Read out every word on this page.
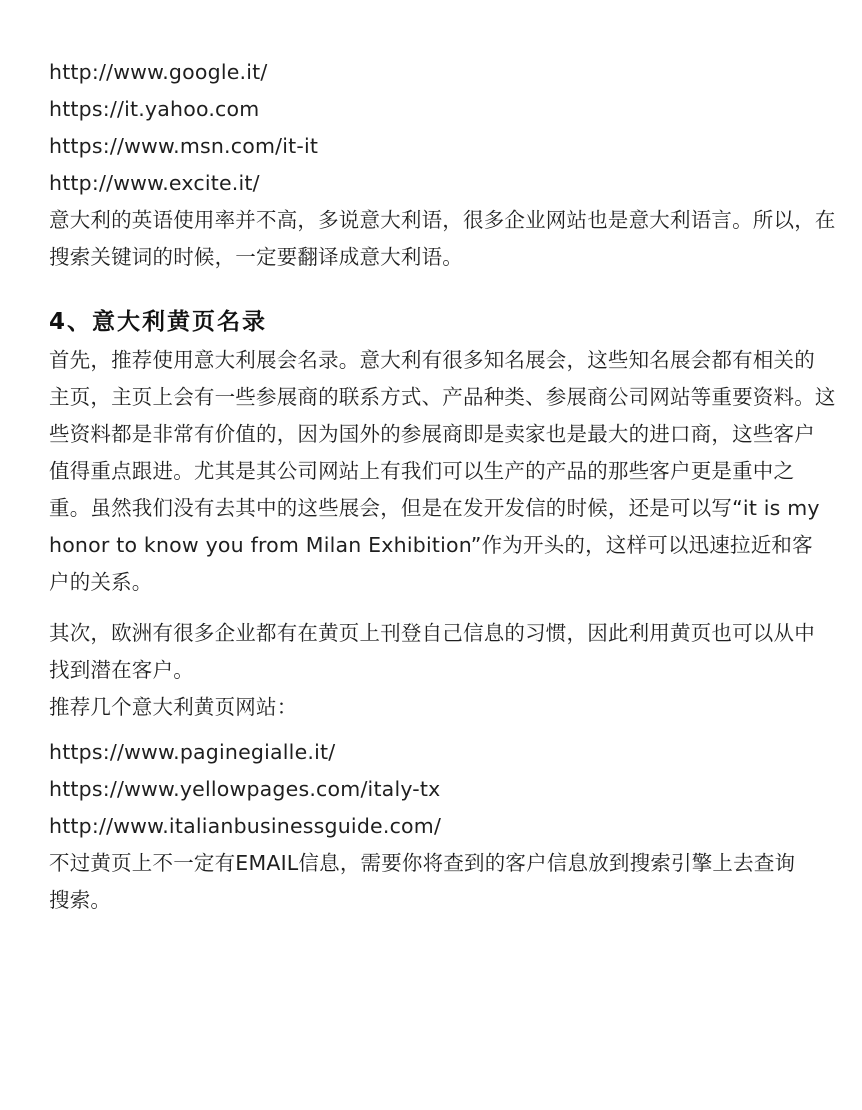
http://www.google.it/
https://it.yahoo.com
https://www.msn.com/it-it
http://www.excite.it/

意大利的英语使用率并不高，多说意大利语，很多企业网站也是意大利语言。所以，在
搜索关键词的时候，一定要翻译成意大利语。

4、意大利黄页名录

首先，推荐使用意大利展会名录。意大利有很多知名展会，这些知名展会都有相关的
主页，主页上会有一些参展商的联系方式、产品种类、参展商公司网站等重要资料。这
些资料都是非常有价值的，因为国外的参展商即是卖家也是最大的进口商，这些客户
值得重点跟进。尤其是其公司网站上有我们可以生产的产品的那些客户更是重中之
重。虽然我们没有去其中的这些展会，但是在发开发信的时候，还是可以写“it is my
honor to know you from Milan Exhibition”作为开头的，这样可以迅速拉近和客
户的关系。

其次，欧洲有很多企业都有在黄页上刊登自己信息的习惯，因此利用黄页也可以从中
找到潜在客户。
推荐几个意大利黄页网站：

https://www.paginegialle.it/
https://www.yellowpages.com/italy-tx
http://www.italianbusinessguide.com/

不过黄页上不一定有EMAIL信息，需要你将查到的客户信息放到搜索引擎上去查询
搜索。
